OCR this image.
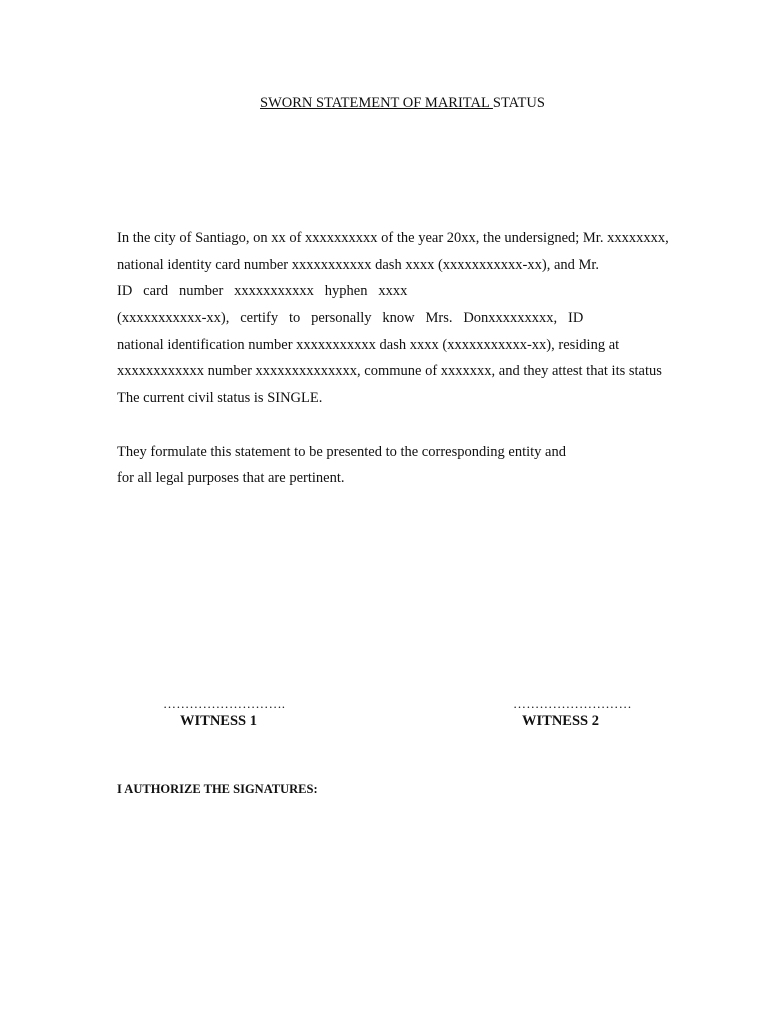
SWORN STATEMENT OF MARITAL STATUS
In the city of Santiago, on xx of xxxxxxxxxx of the year 20xx, the undersigned; Mr. xxxxxxxx,
national identity card number xxxxxxxxxxx dash xxxx (xxxxxxxxxxx-xx), and Mr.
ID   card   number   xxxxxxxxxxx   hyphen   xxxx
(xxxxxxxxxxx-xx),   certify   to   personally   know   Mrs.   Donxxxxxxxxx,   ID
national identification number xxxxxxxxxxx dash xxxx (xxxxxxxxxxx-xx), residing at
xxxxxxxxxxxx number xxxxxxxxxxxxxx, commune of xxxxxxx, and they attest that its status
The current civil status is SINGLE.
They formulate this statement to be presented to the corresponding entity and
for all legal purposes that are pertinent.
……………………….
WITNESS 1
………………………
WITNESS 2
I AUTHORIZE THE SIGNATURES:
